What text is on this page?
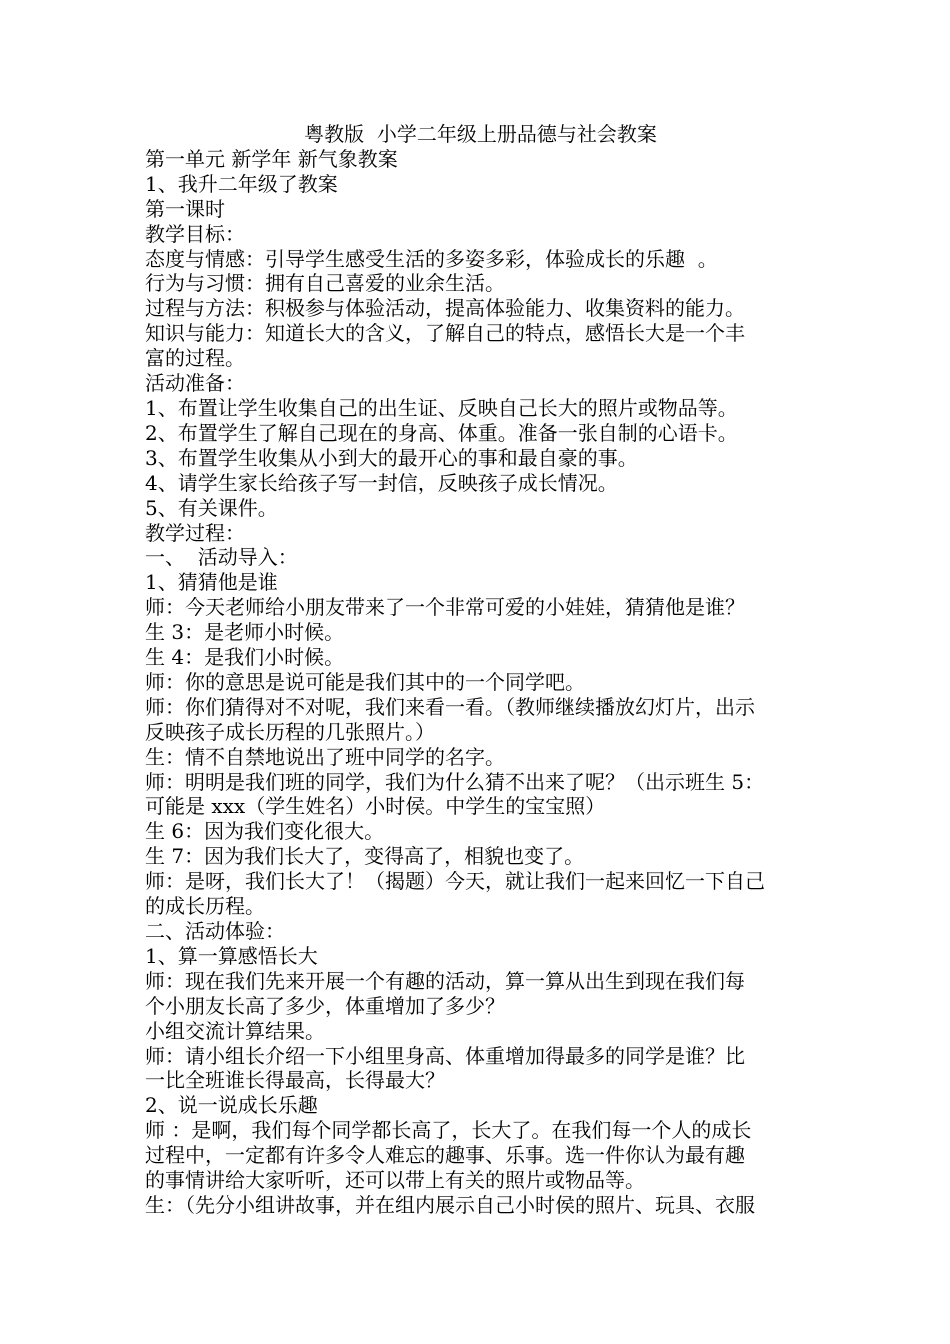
粤教版  小学二年级上册品德与社会教案

第一单元 新学年 新气象教案

1、我升二年级了教案

第一课时

教学目标：

态度与情感：引导学生感受生活的多姿多彩，体验成长的乐趣  。

行为与习惯：拥有自己喜爱的业余生活。

过程与方法：积极参与体验活动，提高体验能力、收集资料的能力。

知识与能力：知道长大的含义，了解自己的特点，感悟长大是一个丰

富的过程。

活动准备：

1、布置让学生收集自己的出生证、反映自己长大的照片或物品等。

2、布置学生了解自己现在的身高、体重。准备一张自制的心语卡。

3、布置学生收集从小到大的最开心的事和最自豪的事。

4、请学生家长给孩子写一封信，反映孩子成长情况。

5、有关课件。

教学过程：

一、  活动导入：

1、猜猜他是谁

师：今天老师给小朋友带来了一个非常可爱的小娃娃，猜猜他是谁？

生 3：是老师小时候。

生 4：是我们小时候。

师：你的意思是说可能是我们其中的一个同学吧。

师：你们猜得对不对呢，我们来看一看。（教师继续播放幻灯片，出示

反映孩子成长历程的几张照片。）

生：情不自禁地说出了班中同学的名字。

师：明明是我们班的同学，我们为什么猜不出来了呢？（出示班生 5：

可能是 xxx（学生姓名）小时侯。中学生的宝宝照）

生 6：因为我们变化很大。

生 7：因为我们长大了，变得高了，相貌也变了。

师：是呀，我们长大了！（揭题）今天，就让我们一起来回忆一下自己

的成长历程。

二、活动体验：

1、算一算感悟长大

师：现在我们先来开展一个有趣的活动，算一算从出生到现在我们每

个小朋友长高了多少，体重增加了多少？

小组交流计算结果。

师：请小组长介绍一下小组里身高、体重增加得最多的同学是谁？比

一比全班谁长得最高，长得最大？

2、说一说成长乐趣

师 ：是啊，我们每个同学都长高了，长大了。在我们每一个人的成长

过程中，一定都有许多令人难忘的趣事、乐事。选一件你认为最有趣

的事情讲给大家听听，还可以带上有关的照片或物品等。

生：（先分小组讲故事，并在组内展示自己小时侯的照片、玩具、衣服
